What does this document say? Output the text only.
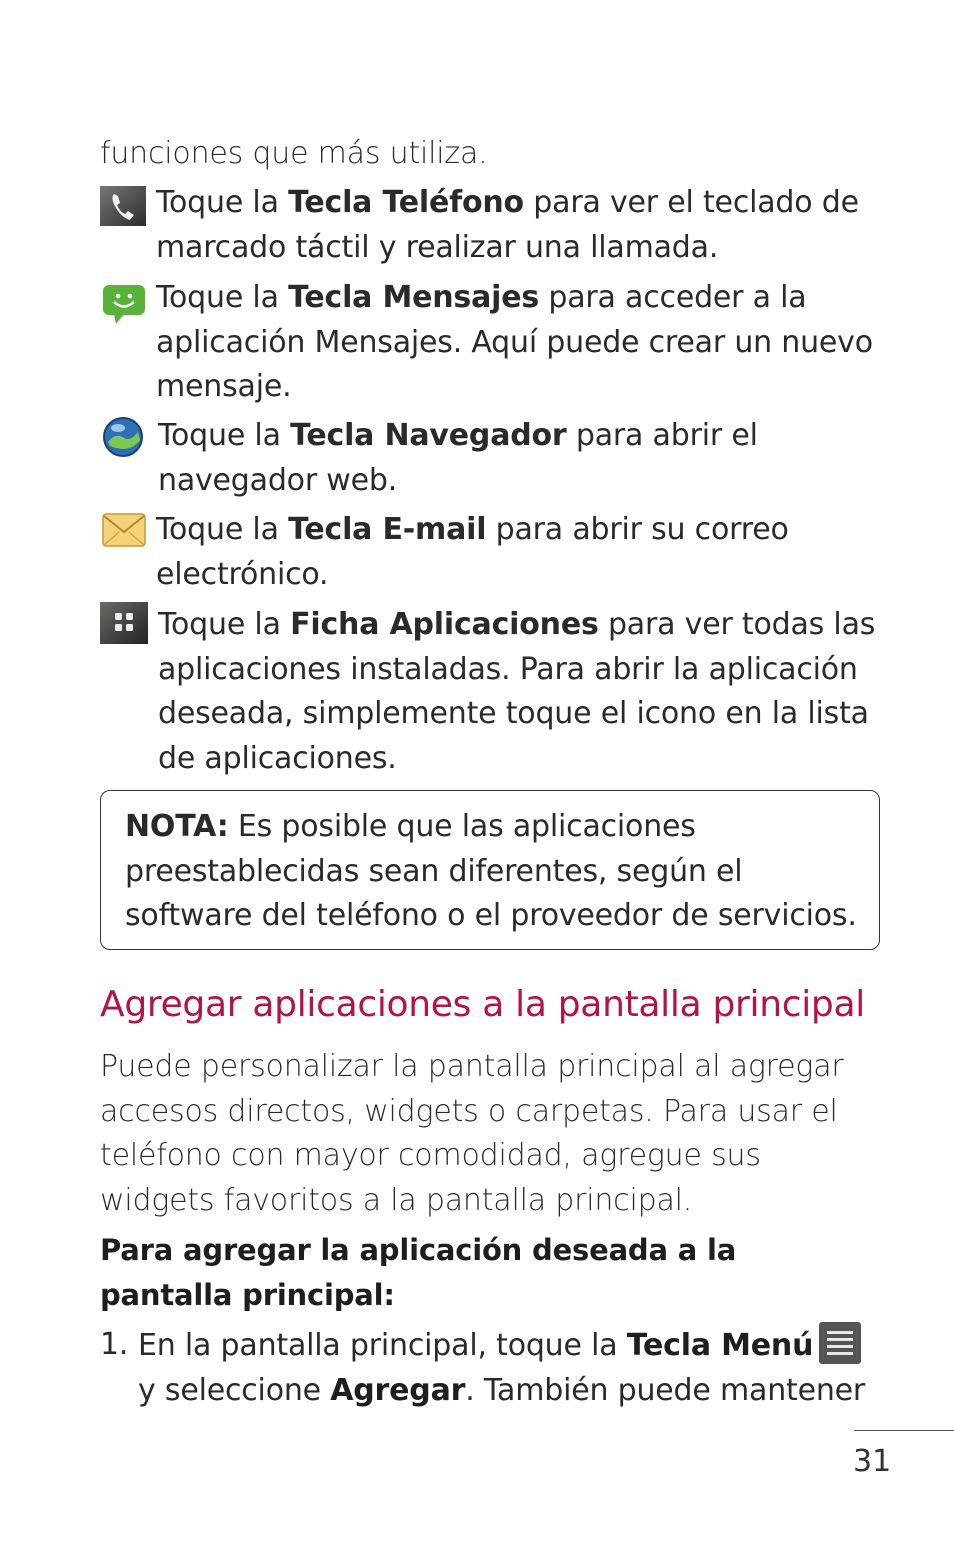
funciones que más utiliza.
Toque la Tecla Teléfono para ver el teclado de marcado táctil y realizar una llamada.
Toque la Tecla Mensajes para acceder a la aplicación Mensajes. Aquí puede crear un nuevo mensaje.
Toque la Tecla Navegador para abrir el navegador web.
Toque la Tecla E-mail para abrir su correo electrónico.
Toque la Ficha Aplicaciones para ver todas las aplicaciones instaladas. Para abrir la aplicación deseada, simplemente toque el icono en la lista de aplicaciones.
NOTA: Es posible que las aplicaciones preestablecidas sean diferentes, según el software del teléfono o el proveedor de servicios.
Agregar aplicaciones a la pantalla principal
Puede personalizar la pantalla principal al agregar accesos directos, widgets o carpetas. Para usar el teléfono con mayor comodidad, agregue sus widgets favoritos a la pantalla principal.
Para agregar la aplicación deseada a la pantalla principal:
1. En la pantalla principal, toque la Tecla Menú
y seleccione Agregar. También puede mantener
31
